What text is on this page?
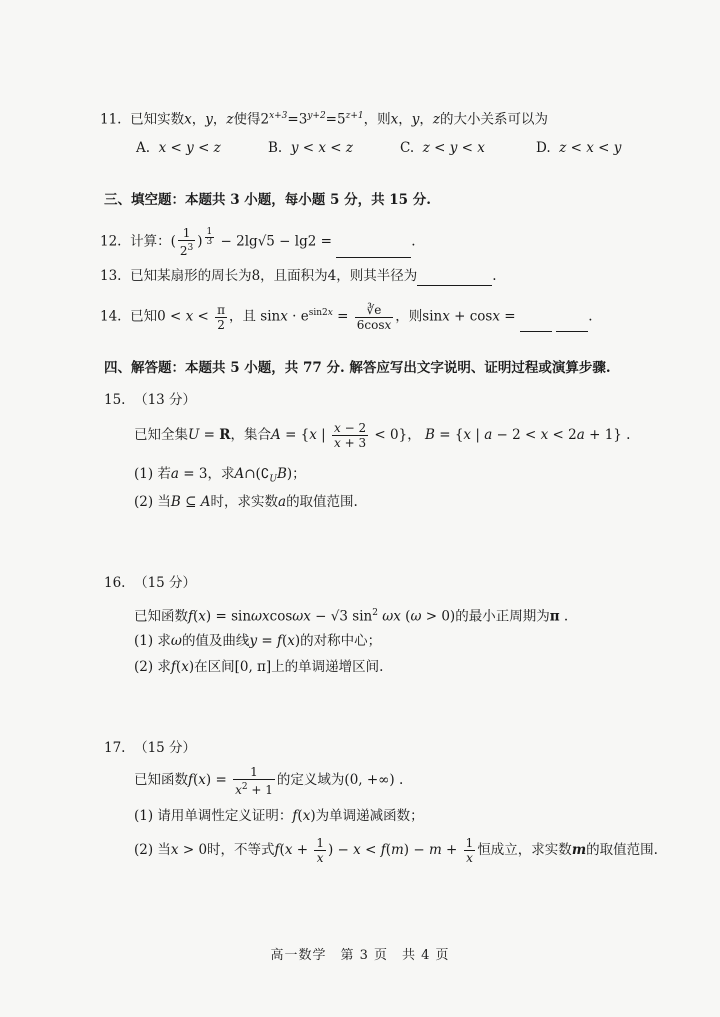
11.  已知实数x，y，z使得$2^{x+3}=3^{y+2}=5^{z+1}$，则x，y，z的大小关系可以为
A. x < y < z	B. y < x < z	C. z < y < x	D. z < x < y
三、填空题：本题共 3 小题，每小题 5 分，共 15 分.
12. 计算：( $\frac{1}{2^3}$ ) $^{\frac{1}{3}}$ − 2lg√5 − lg2 =	.
13. 已知某扇形的周长为8，且面积为4，则其半径为	.
14. 已知$0 < x < \frac{\pi}{2}$ ，且 $\sin x \cdot e^{sin2x} = \frac{∛e}{6\cos x}$ ，则sinx + cosx =	.
四、解答题：本题共 5 小题，共 77 分. 解答应写出文字说明、证明过程或演算步骤.
15. （13 分）
已知全集U = R，集合A = {x | $\frac{x - 2}{x + 3} < 0$}， B = {x | a − 2 < x < 2a + 1} .
(1) 若a = 3，求$A\cap(∁_UB)$；
(2) 当B ⊆ A时，求实数a的取值范围.
16. （15 分）
已知函数f(x) = sinωxcosωx − √3 $\sin^2 \omega x$ (ω > 0)的最小正周期为π .
(1) 求ω的值及曲线y = f(x)的对称中心；
(2) 求f(x)在区间[0, π]上的单调递增区间.
17. （15 分）
已知函数$f(x) = \frac{1}{x^2 + 1}$ 的定义域为(0, +∞) .
(1) 请用单调性定义证明：f(x)为单调递减函数；
(2) 当x > 0时，不等式$f(x + \frac{1}{x}$ ) − $x < f(m) - m + \frac{1}{x}$ 恒成立，求实数m的取值范围.
高一数学　第 3 页　共 4 页
